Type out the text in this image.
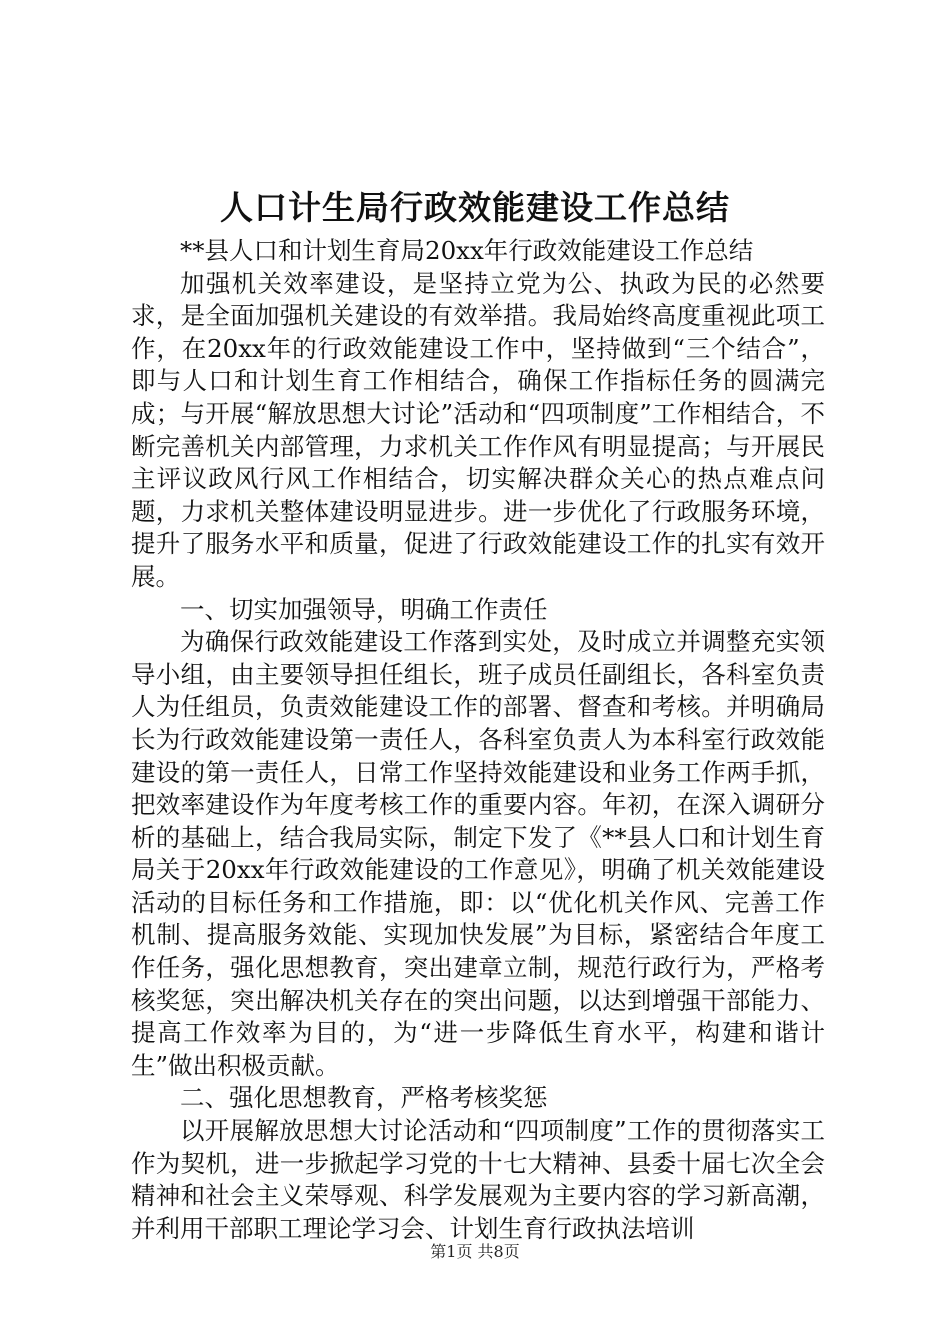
人口计生局行政效能建设工作总结

**县人口和计划生育局20xx年行政效能建设工作总结

加强机关效率建设，是坚持立党为公、执政为民的必然要求，是全面加强机关建设的有效举措。我局始终高度重视此项工作，在20xx年的行政效能建设工作中，坚持做到“三个结合”，即与人口和计划生育工作相结合，确保工作指标任务的圆满完成；与开展“解放思想大讨论”活动和“四项制度”工作相结合，不断完善机关内部管理，力求机关工作作风有明显提高；与开展民主评议政风行风工作相结合，切实解决群众关心的热点难点问题，力求机关整体建设明显进步。进一步优化了行政服务环境，提升了服务水平和质量，促进了行政效能建设工作的扎实有效开展。

一、切实加强领导，明确工作责任

为确保行政效能建设工作落到实处，及时成立并调整充实领导小组，由主要领导担任组长，班子成员任副组长，各科室负责人为任组员，负责效能建设工作的部署、督查和考核。并明确局长为行政效能建设第一责任人，各科室负责人为本科室行政效能建设的第一责任人，日常工作坚持效能建设和业务工作两手抓，把效率建设作为年度考核工作的重要内容。年初，在深入调研分析的基础上，结合我局实际，制定下发了《**县人口和计划生育局关于20xx年行政效能建设的工作意见》，明确了机关效能建设活动的目标任务和工作措施，即：以“优化机关作风、完善工作机制、提高服务效能、实现加快发展”为目标，紧密结合年度工作任务，强化思想教育，突出建章立制，规范行政行为，严格考核奖惩，突出解决机关存在的突出问题，以达到增强干部能力、提高工作效率为目的，为“进一步降低生育水平，构建和谐计生”做出积极贡献。

二、强化思想教育，严格考核奖惩

以开展解放思想大讨论活动和“四项制度”工作的贯彻落实工作为契机，进一步掀起学习党的十七大精神、县委十届七次全会精神和社会主义荣辱观、科学发展观为主要内容的学习新高潮，并利用干部职工理论学习会、计划生育行政执法培训

第1页 共8页
